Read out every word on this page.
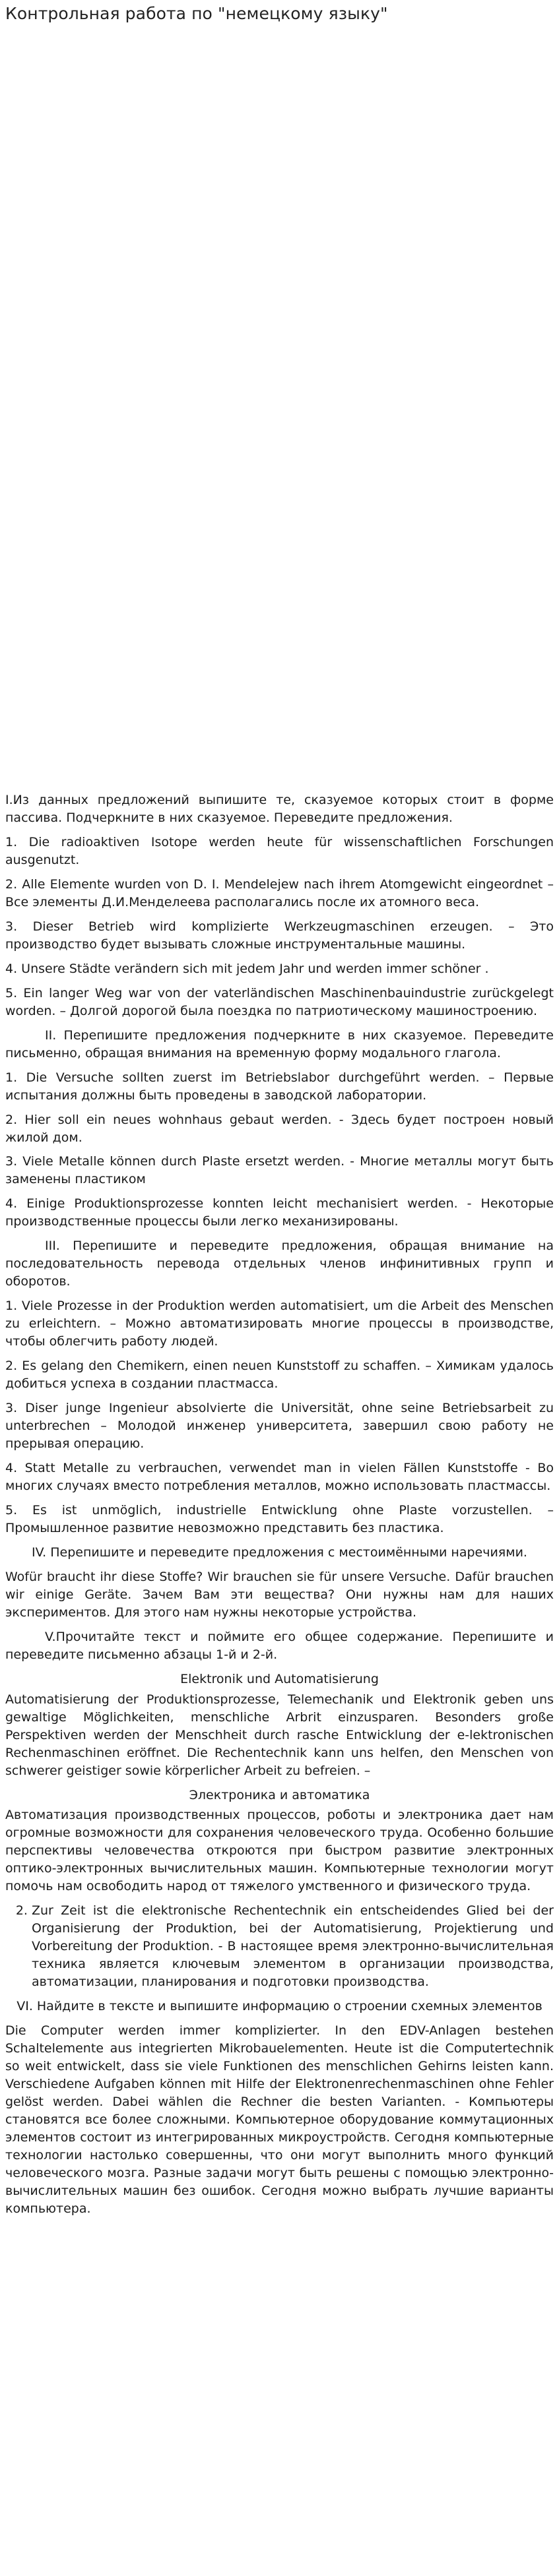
Контрольная работа по "немецкому языку"

I.Из данных предложений выпишите те, сказуемое которых стоит в форме пассива. Подчеркните в них сказуемое. Переведите предложения.

1. Die radioaktiven Isotope werden heute für wissenschaftlichen Forschungen ausgenutzt.

2. Alle Elemente wurden von D. I. Mendelejew nach ihrem Atomgewicht eingeordnet – Все элементы Д.И.Менделеева располагались после их атомного веса.

3. Dieser Betrieb wird komplizierte Werkzeugmaschinen erzeugen. – Это производство будет вызывать сложные инструментальные машины.

4. Unsere Städte verändern sich mit jedem Jahr und werden immer schöner .

5. Ein langer Weg war von der vaterländischen Maschinenbauindustrie zurückgelegt worden. – Долгой дорогой была поездка по патриотическому машиностроению.

II. Перепишите предложения подчеркните в них сказуемое. Переведите письменно, обращая внимания на временную форму модального глагола.

1. Die Versuche sollten zuerst im Betriebslabor durchgeführt werden. – Первые испытания должны быть проведены в заводской лаборатории.

2. Hier soll ein neues wohnhaus gebaut werden. - Здесь будет построен новый жилой дом.

3. Viele Metalle können durch Plaste ersetzt werden. - Многие металлы могут быть заменены пластиком

4. Einige Produktionsprozesse konnten leicht mechanisiert werden. - Некоторые производственные процессы были легко механизированы.

III. Перепишите и переведите предложения, обращая внимание на последовательность перевода отдельных членов инфинитивных групп и оборотов.

1. Viele Prozesse in der Produktion werden automatisiert, um die Arbeit des Menschen zu erleichtern. – Можно автоматизировать многие процессы в производстве, чтобы облегчить работу людей.

2. Es gelang den Chemikern, einen neuen Kunststoff zu schaffen. – Химикам удалось добиться успеха в создании пластмасса.

3. Diser junge Ingenieur absolvierte die Universität, ohne seine Betriebsarbeit zu unterbrechen – Молодой инженер университета, завершил свою работу не прерывая операцию.

4. Statt Metalle zu verbrauchen, verwendet man in vielen Fällen Kunststoffe - Во многих случаях вместо потребления металлов, можно использовать пластмассы.

5. Es ist unmöglich, industrielle Entwicklung ohne Plaste vorzustellen. – Промышленное развитие невозможно представить без пластика.

IV. Перепишите и переведите предложения с местоимёнными наречиями.

Wofür braucht ihr diese Stoffe? Wir brauchen sie für unsere Versuche. Dafür brauchen wir einige Geräte. Зачем Вам эти вещества? Они нужны нам для наших экспериментов. Для этого нам нужны некоторые устройства.

V.Прочитайте текст и поймите его общее содержание. Перепишите и переведите письменно абзацы 1-й и 2-й.

Elektronik und Automatisierung

Automatisierung der Produktionsprozesse, Telemechanik und Elektronik geben uns gewaltige Möglichkeiten, menschliche Arbrit einzusparen. Besonders große Perspektiven werden der Menschheit durch rasche Entwicklung der e-lektronischen Rechenmaschinen eröffnet. Die Rechentechnik kann uns helfen, den Menschen von schwerer geistiger sowie körperlicher Arbeit zu befreien. –

Электроника и автоматика

Автоматизация производственных процессов, роботы и электроника дает нам огромные возможности для сохранения человеческого труда. Особенно большие перспективы человечества откроются при быстром развитие электронных оптико-электронных вычислительных машин. Компьютерные технологии могут помочь нам освободить народ от тяжелого умственного и физического труда.

2. Zur Zeit ist die elektronische Rechentechnik ein entscheidendes Glied bei der Organisierung der Produktion, bei der Automatisierung, Projektierung und Vorbereitung der Produktion. - В настоящее время электронно-вычислительная техника является ключевым элементом в организации производства, автоматизации, планирования и подготовки производства.

VI. Найдите в тексте и выпишите информацию о строении схемных элементов

Die Computer werden immer komplizierter. In den EDV-Anlagen bestehen Schaltelemente aus integrierten Mikrobauelementen. Heute ist die Computertechnik so weit entwickelt, dass sie viele Funktionen des menschlichen Gehirns leisten kann. Verschiedene Aufgaben können mit Hilfe der Elektronenrechenmaschinen ohne Fehler gelöst werden. Dabei wählen die Rechner die besten Varianten. - Компьютеры становятся все более сложными. Компьютерное оборудование коммутационных элементов состоит из интегрированных микроустройств. Сегодня компьютерные технологии настолько совершенны, что они могут выполнить много функций человеческого мозга. Разные задачи могут быть решены с помощью электронно-вычислительных машин без ошибок. Сегодня можно выбрать лучшие варианты компьютера.
